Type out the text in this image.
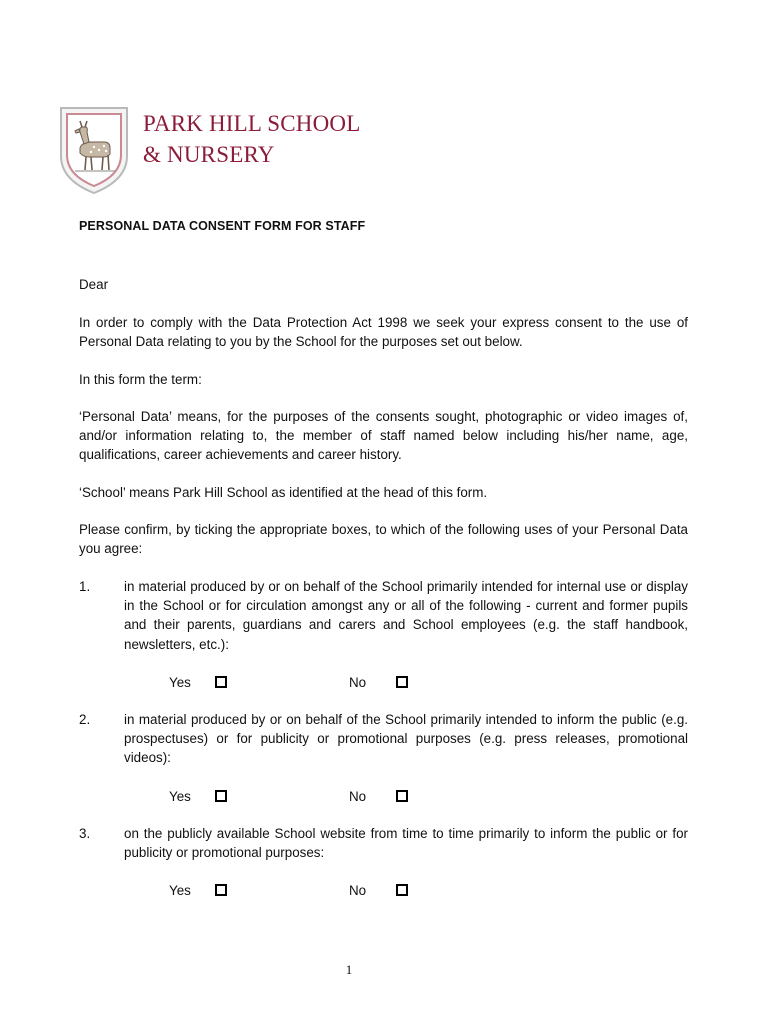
PARK HILL SCHOOL
& NURSERY
PERSONAL DATA CONSENT FORM FOR STAFF

Dear

In order to comply with the Data Protection Act 1998 we seek your express consent to the use of Personal Data relating to you by the School for the purposes set out below.

In this form the term:

‘Personal Data’ means, for the purposes of the consents sought, photographic or video images of, and/or information relating to, the member of staff named below including his/her name, age, qualifications, career achievements and career history.

‘School’ means Park Hill School as identified at the head of this form.

Please confirm, by ticking the appropriate boxes, to which of the following uses of your Personal Data you agree:

1.	in material produced by or on behalf of the School primarily intended for internal use or display in the School or for circulation amongst any or all of the following - current and former pupils and their parents, guardians and carers and School employees (e.g. the staff handbook, newsletters, etc.):
Yes	No
2.	in material produced by or on behalf of the School primarily intended to inform the public (e.g. prospectuses) or for publicity or promotional purposes (e.g. press releases, promotional videos):
Yes	No
3.	on the publicly available School website from time to time primarily to inform the public or for publicity or promotional purposes:
Yes	No
1
